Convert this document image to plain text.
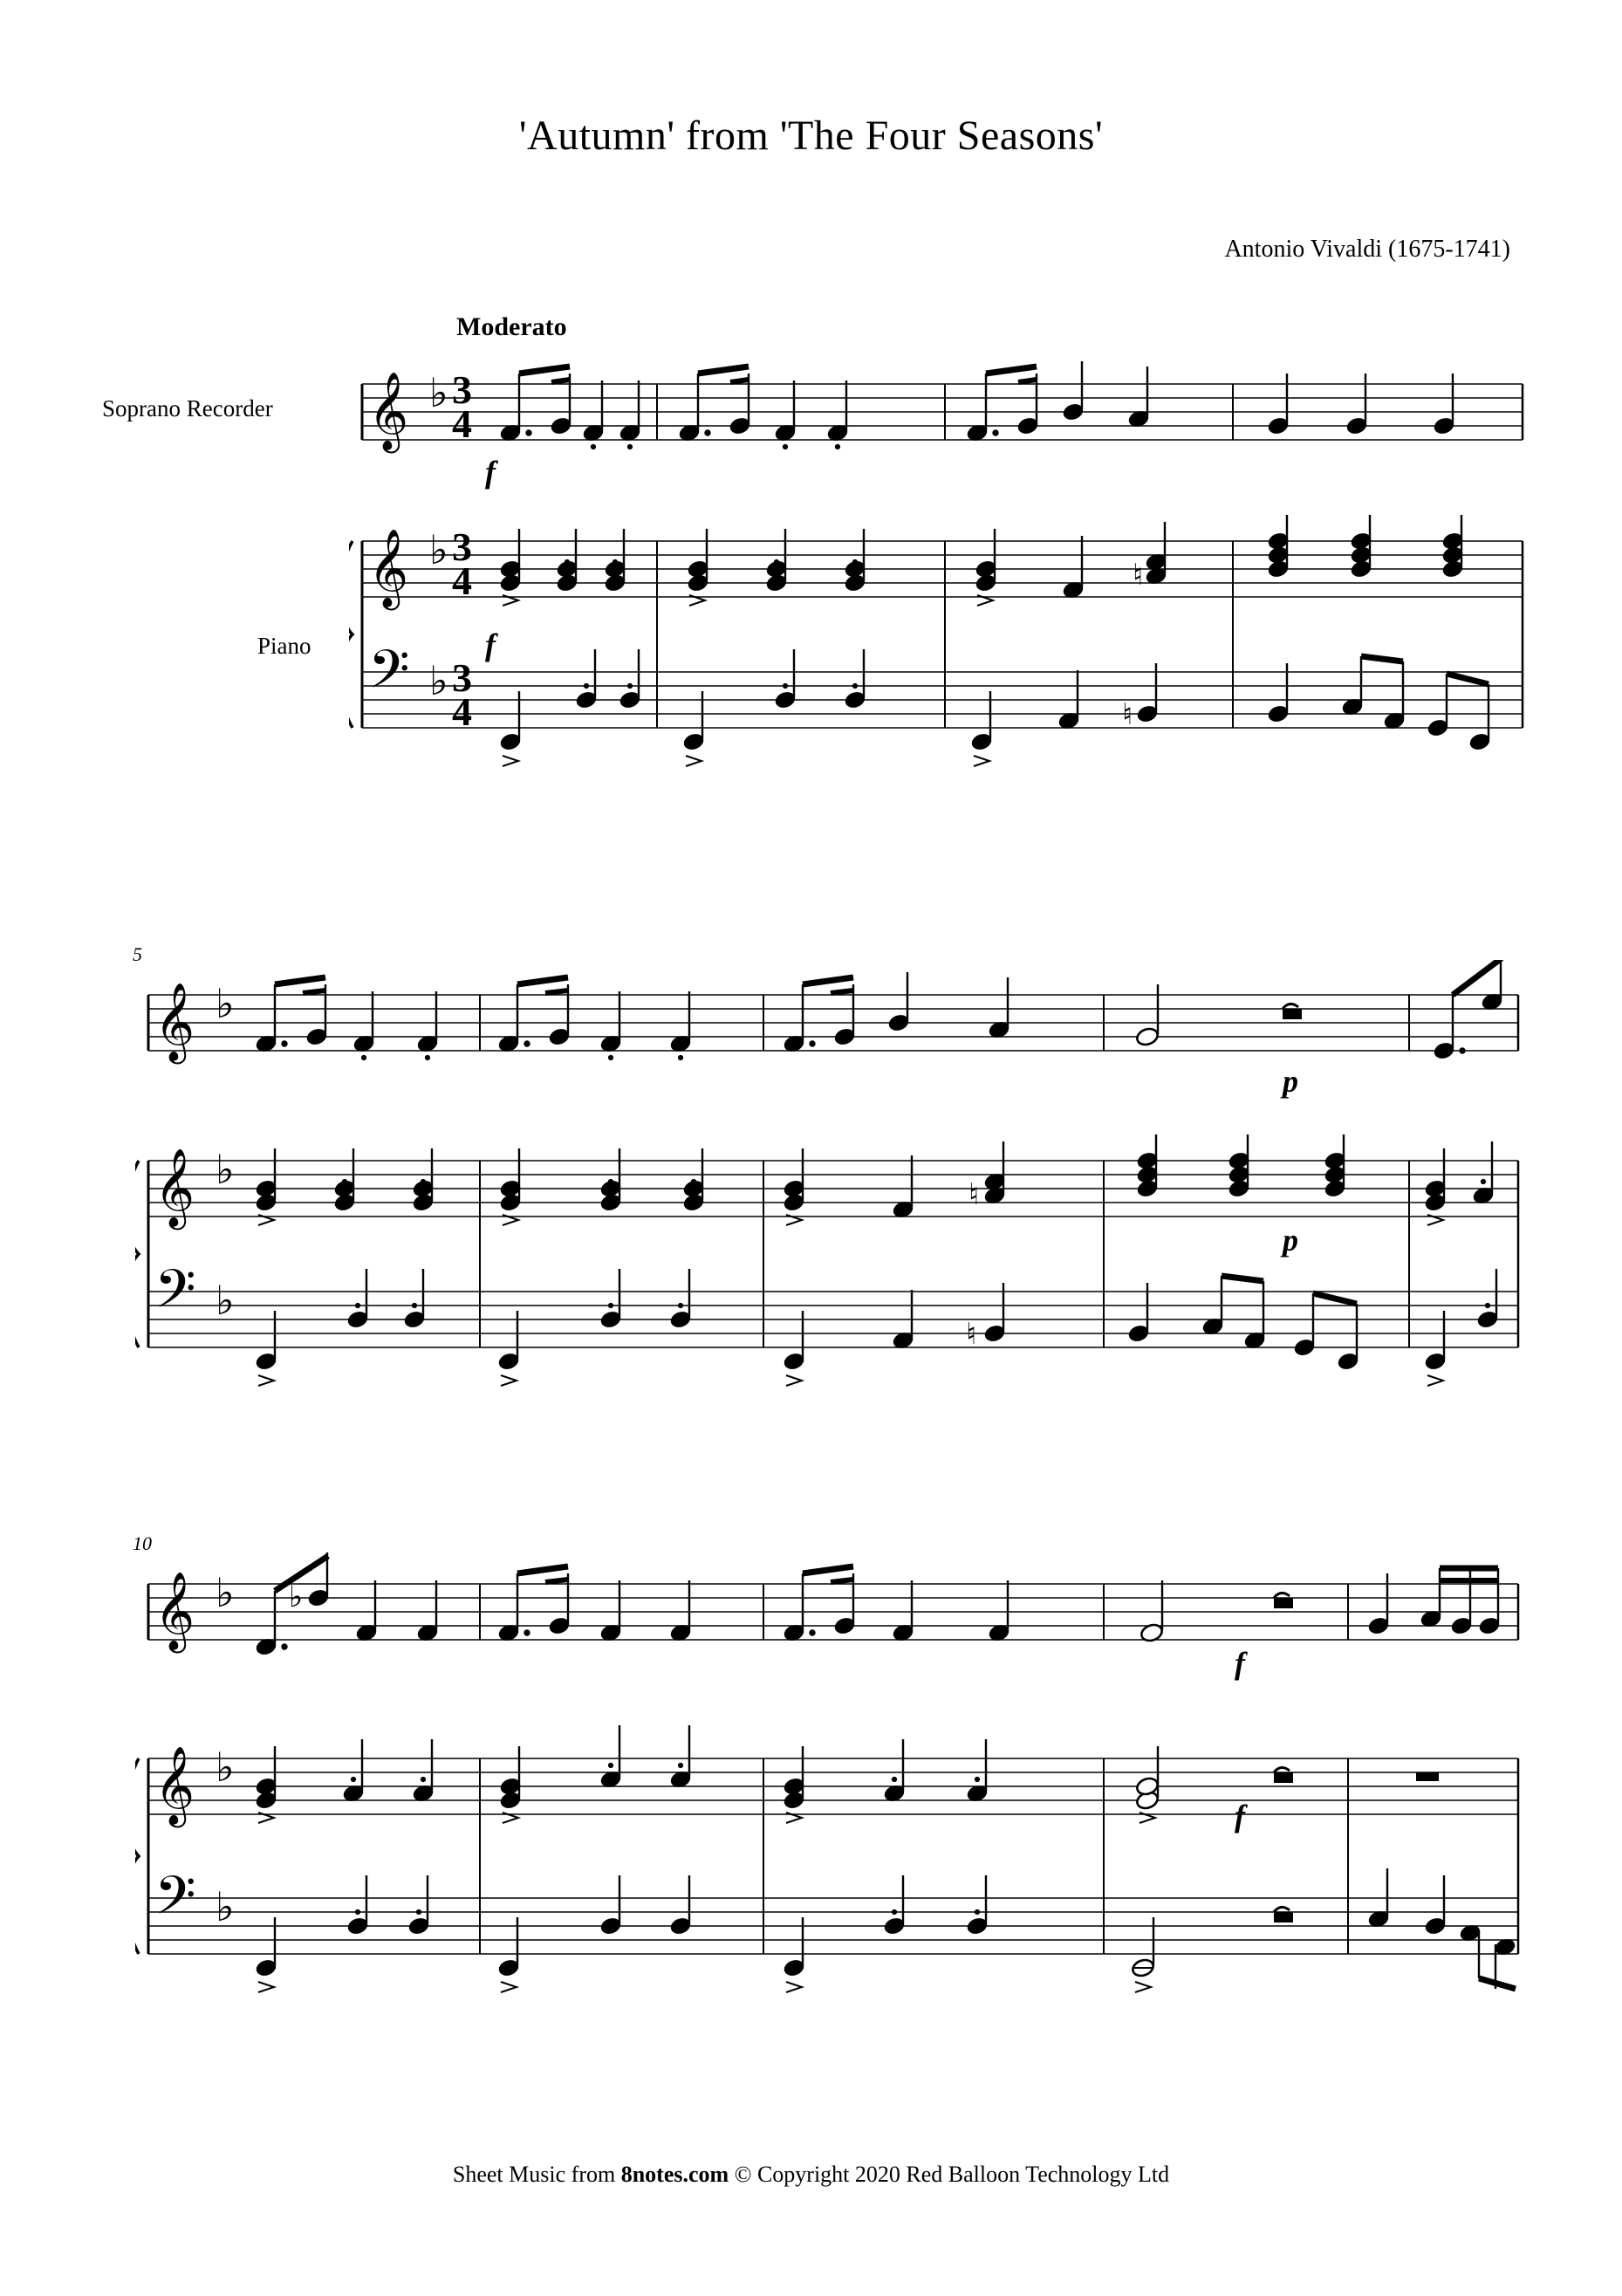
'Autumn' from 'The Four Seasons'
Antonio Vivaldi (1675-1741)
Moderato
Soprano Recorder
Piano
5
10
𝄞 ♭ 3
4
𝄞 ♭ 3
4
𝄢 ♭ 3
4
♮
♮
f
f
𝄞 ♭
𝄞 ♭
𝄢 ♭
♮
♮
p
p
𝄞 ♭
𝄞 ♭
𝄢 ♭
♭
f
f
Sheet Music from 8notes.com © Copyright 2020 Red Balloon Technology Ltd
